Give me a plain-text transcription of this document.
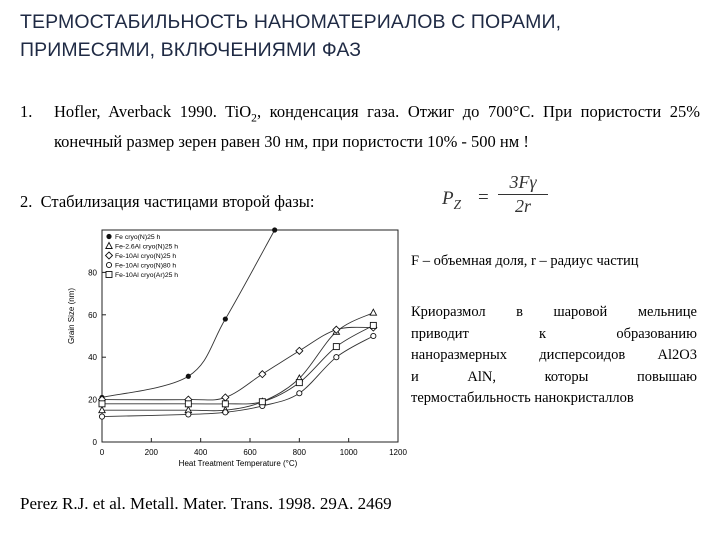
ТЕРМОСТАБИЛЬНОСТЬ НАНОМАТЕРИАЛОВ С ПОРАМИ,
ПРИМЕСЯМИ, ВКЛЮЧЕНИЯМИ ФАЗ
1. Hofler, Averback 1990. TiO$_2$, конденсация газа. Отжиг до 700°С. При пористости 25% конечный размер зерен равен 30 нм, при пористости 10% - 500 нм !
2. Стабилизация частицами второй фазы:	$P_Z$ =
3Fγ
2r
0	200	400	600	800	1000	1200
0
20
40
60
80
Heat Treatment Temperature (°C)
Grain Size (nm)
Fe cryo(N)25 h
Fe-2.6Al cryo(N)25 h
Fe-10Al cryo(N)25 h
Fe-10Al cryo(N)80 h
Fe-10Al cryo(Ar)25 h
F – объемная доля, r – радиус частиц
Криоразмол в шаровой мельнице
приводит к образованию
наноразмерных дисперсоидов Al2O3
и AlN, которы повышаю
термостабильность нанокристаллов
Perez R.J. et al. Metall. Mater. Trans. 1998. 29A. 2469
